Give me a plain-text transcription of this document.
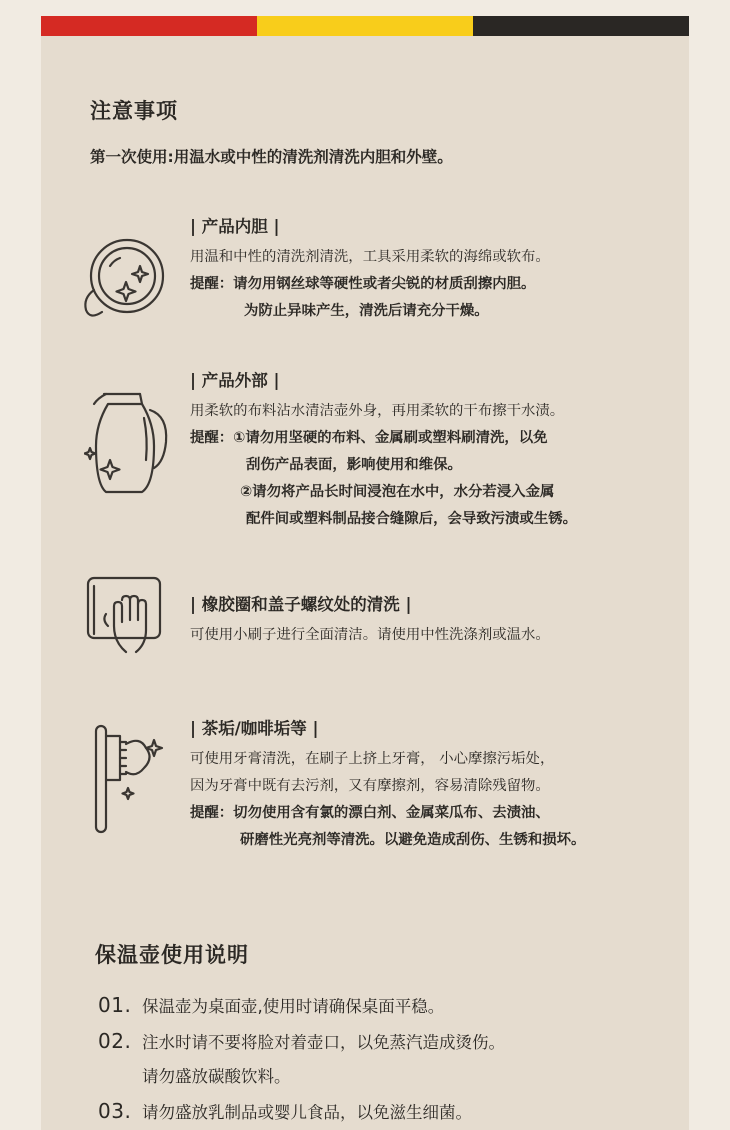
注意事项
第一次使用:用温水或中性的清洗剂清洗内胆和外壁。
| 产品内胆 |
用温和中性的清洗剂清洗，工具采用柔软的海绵或软布。
提醒：请勿用钢丝球等硬性或者尖锐的材质刮擦内胆。
为防止异味产生，清洗后请充分干燥。
| 产品外部 |
用柔软的布料沾水清洁壶外身，再用柔软的干布擦干水渍。
提醒：①请勿用坚硬的布料、金属刷或塑料刷清洗，以免
刮伤产品表面，影响使用和维保。
②请勿将产品长时间浸泡在水中，水分若浸入金属
配件间或塑料制品接合缝隙后，会导致污渍或生锈。
| 橡胶圈和盖子螺纹处的清洗 |
可使用小刷子进行全面清洁。请使用中性洗涤剂或温水。
| 茶垢/咖啡垢等 |
可使用牙膏清洗，在刷子上挤上牙膏， 小心摩擦污垢处，
因为牙膏中既有去污剂，又有摩擦剂，容易清除残留物。
提醒：切勿使用含有氯的漂白剂、金属菜瓜布、去渍油、
研磨性光亮剂等清洗。以避免造成刮伤、生锈和损坏。
保温壶使用说明
01. 保温壶为桌面壶,使用时请确保桌面平稳。
02. 注水时请不要将脸对着壶口，以免蒸汽造成烫伤。
请勿盛放碳酸饮料。
03. 请勿盛放乳制品或婴儿食品，以免滋生细菌。
